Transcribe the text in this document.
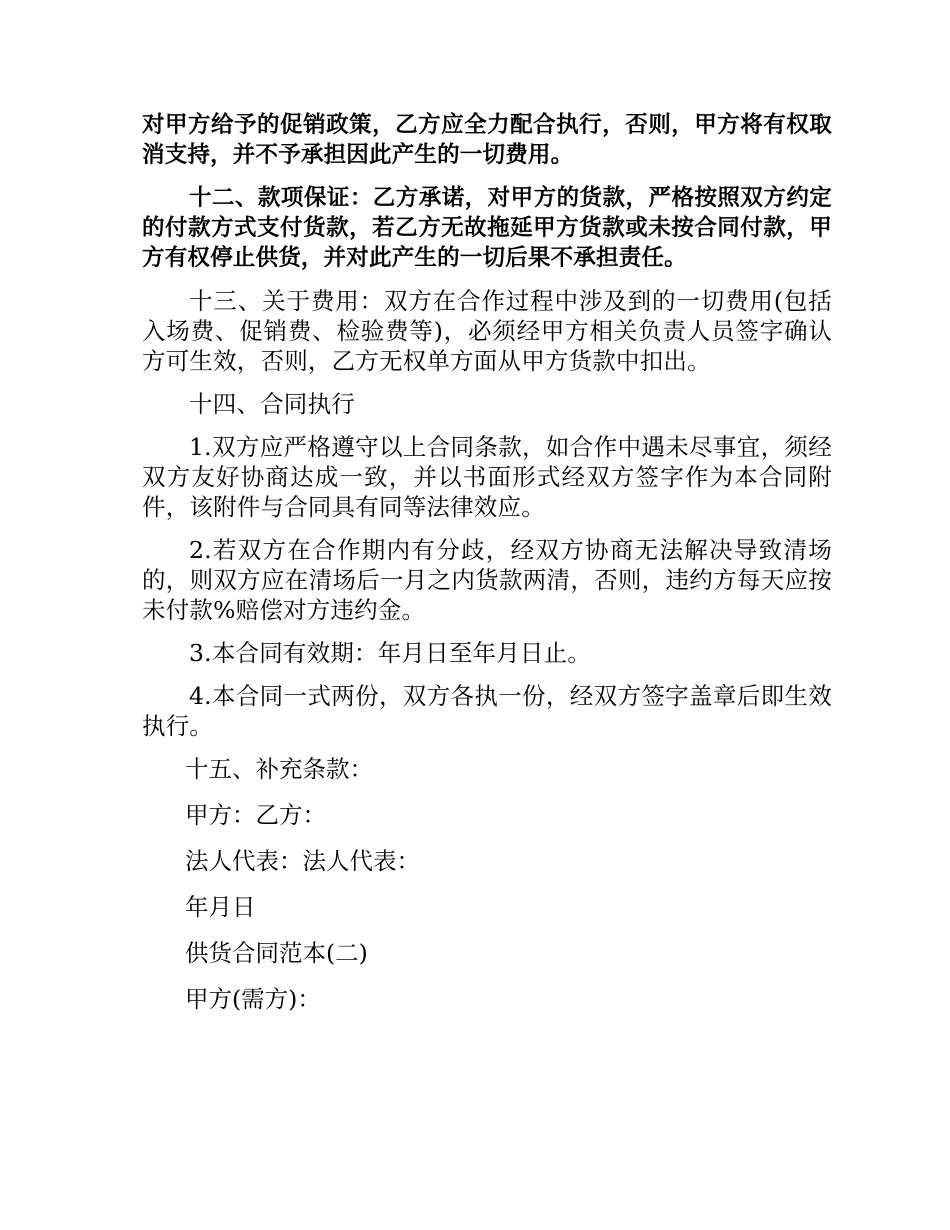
对甲方给予的促销政策，乙方应全力配合执行，否则，甲方将有权取消支持，并不予承担因此产生的一切费用。

十二、款项保证：乙方承诺，对甲方的货款，严格按照双方约定的付款方式支付货款，若乙方无故拖延甲方货款或未按合同付款，甲方有权停止供货，并对此产生的一切后果不承担责任。

十三、关于费用：双方在合作过程中涉及到的一切费用(包括入场费、促销费、检验费等)，必须经甲方相关负责人员签字确认方可生效，否则，乙方无权单方面从甲方货款中扣出。

十四、合同执行

1.双方应严格遵守以上合同条款，如合作中遇未尽事宜，须经双方友好协商达成一致，并以书面形式经双方签字作为本合同附件，该附件与合同具有同等法律效应。

2.若双方在合作期内有分歧，经双方协商无法解决导致清场的，则双方应在清场后一月之内货款两清，否则，违约方每天应按未付款%赔偿对方违约金。

3.本合同有效期：年月日至年月日止。

4.本合同一式两份，双方各执一份，经双方签字盖章后即生效执行。

十五、补充条款：

甲方：乙方：

法人代表：法人代表：

年月日

供货合同范本(二)

甲方(需方)：
